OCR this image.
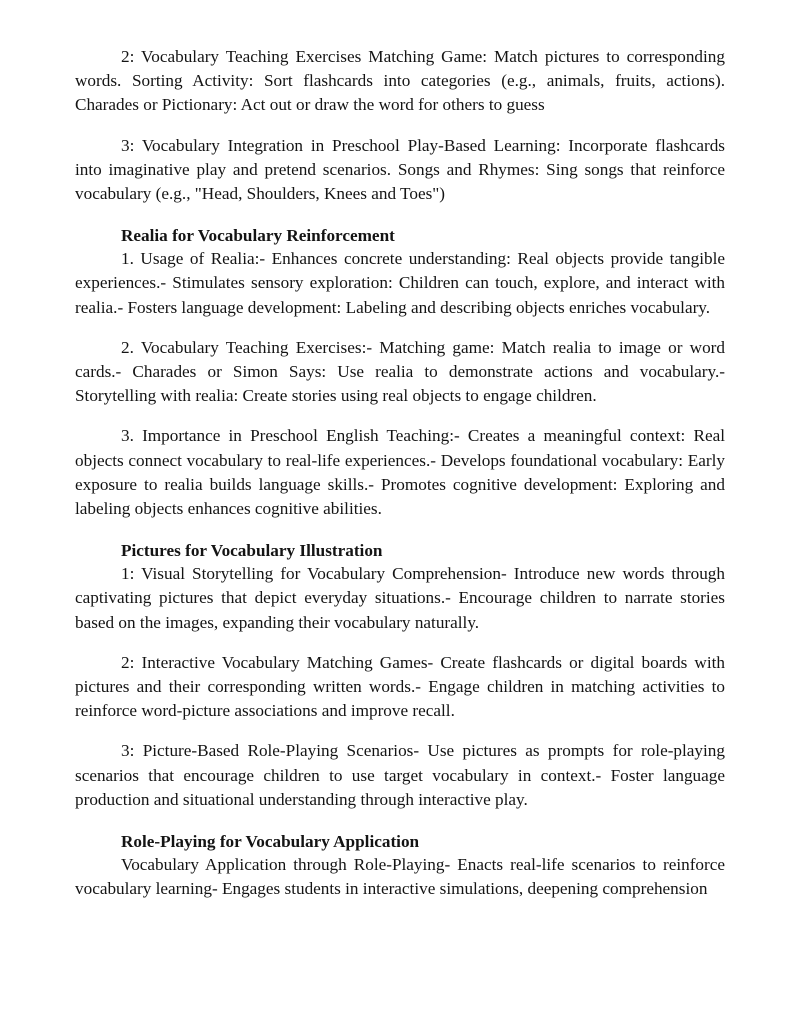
2: Vocabulary Teaching Exercises Matching Game: Match pictures to corresponding words. Sorting Activity: Sort flashcards into categories (e.g., animals, fruits, actions). Charades or Pictionary: Act out or draw the word for others to guess

3: Vocabulary Integration in Preschool Play-Based Learning: Incorporate flashcards into imaginative play and pretend scenarios. Songs and Rhymes: Sing songs that reinforce vocabulary (e.g., "Head, Shoulders, Knees and Toes")

Realia for Vocabulary Reinforcement

1. Usage of Realia:- Enhances concrete understanding: Real objects provide tangible experiences.- Stimulates sensory exploration: Children can touch, explore, and interact with realia.- Fosters language development: Labeling and describing objects enriches vocabulary.

2. Vocabulary Teaching Exercises:- Matching game: Match realia to image or word cards.- Charades or Simon Says: Use realia to demonstrate actions and vocabulary.- Storytelling with realia: Create stories using real objects to engage children.

3. Importance in Preschool English Teaching:- Creates a meaningful context: Real objects connect vocabulary to real-life experiences.- Develops foundational vocabulary: Early exposure to realia builds language skills.- Promotes cognitive development: Exploring and labeling objects enhances cognitive abilities.

Pictures for Vocabulary Illustration

1: Visual Storytelling for Vocabulary Comprehension- Introduce new words through captivating pictures that depict everyday situations.- Encourage children to narrate stories based on the images, expanding their vocabulary naturally.

2: Interactive Vocabulary Matching Games- Create flashcards or digital boards with pictures and their corresponding written words.- Engage children in matching activities to reinforce word-picture associations and improve recall.

3: Picture-Based Role-Playing Scenarios- Use pictures as prompts for role-playing scenarios that encourage children to use target vocabulary in context.- Foster language production and situational understanding through interactive play.

Role-Playing for Vocabulary Application

Vocabulary Application through Role-Playing- Enacts real-life scenarios to reinforce vocabulary learning- Engages students in interactive simulations, deepening comprehension
